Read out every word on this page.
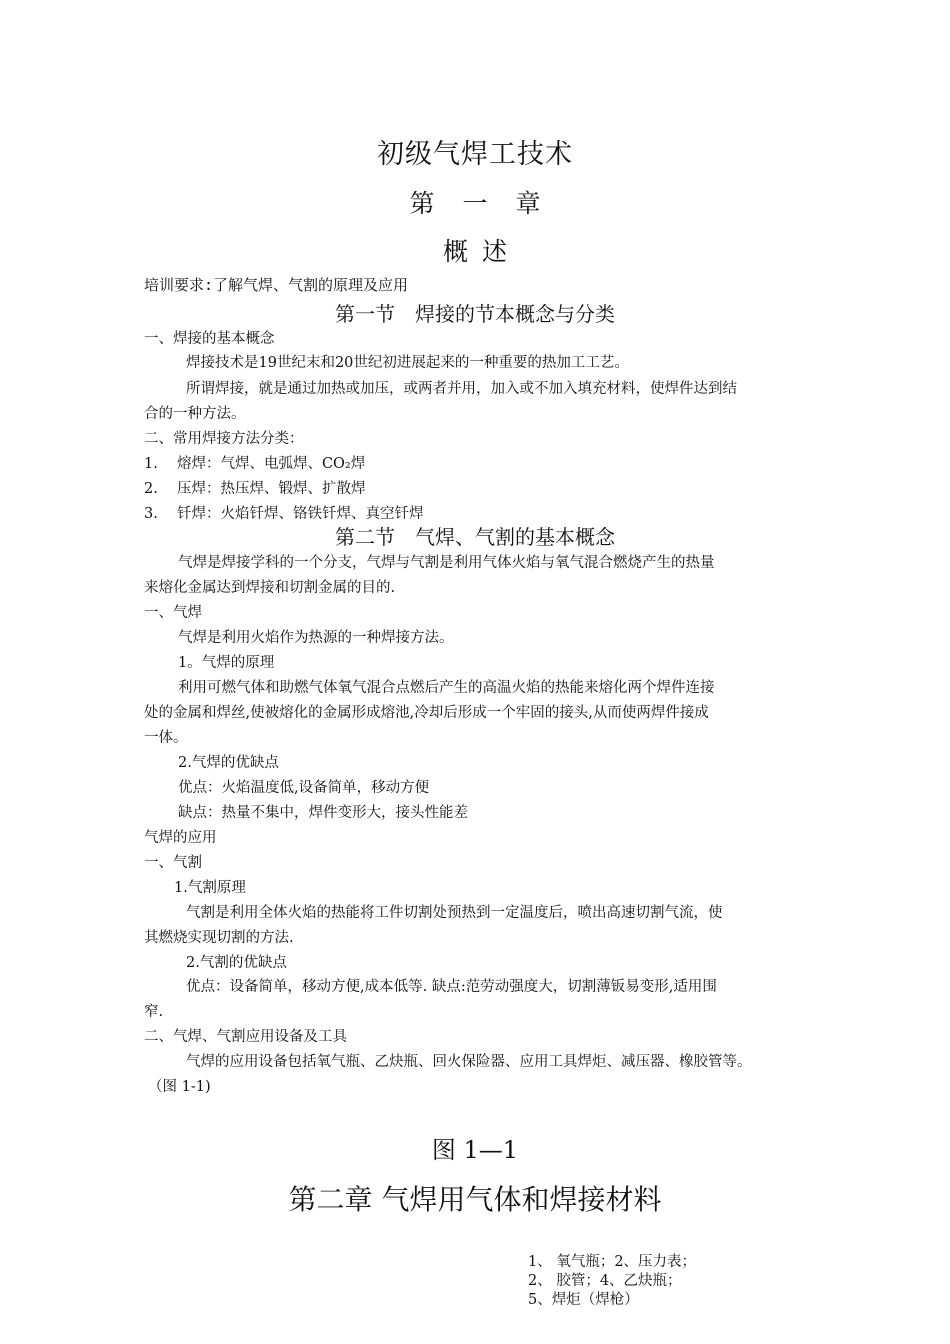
初级气焊工技术
第一章
概述
培训要求:了解气焊、气割的原理及应用
第一节　焊接的节本概念与分类
一、焊接的基本概念
焊接技术是19世纪末和20世纪初进展起来的一种重要的热加工工艺。
所谓焊接，就是通过加热或加压，或两者并用，加入或不加入填充材料，使焊件达到结
合的一种方法。
二、常用焊接方法分类：
1.　 熔焊：气焊、电弧焊、CO₂焊
2.　 压焊：热压焊、锻焊、扩散焊
3.　 钎焊：火焰钎焊、铬铁钎焊、真空钎焊
第二节　气焊、气割的基本概念
气焊是焊接学科的一个分支，气焊与气割是利用气体火焰与氧气混合燃烧产生的热量
来熔化金属达到焊接和切割金属的目的.
一、气焊
气焊是利用火焰作为热源的一种焊接方法。
1。气焊的原理
利用可燃气体和助燃气体氧气混合点燃后产生的高温火焰的热能来熔化两个焊件连接
处的金属和焊丝,使被熔化的金属形成熔池,冷却后形成一个牢固的接头,从而使两焊件接成
一体。
2.气焊的优缺点
优点：火焰温度低,设备简单，移动方便
缺点：热量不集中，焊件变形大，接头性能差
气焊的应用
一、气割
1.气割原理
气割是利用全体火焰的热能将工件切割处预热到一定温度后，喷出高速切割气流，使
其燃烧实现切割的方法.
2.气割的优缺点
优点：设备简单，移动方便,成本低等. 缺点:范劳动强度大，切割薄钣易变形,适用围
窄.
二、气焊、气割应用设备及工具
气焊的应用设备包括氧气瓶、乙炔瓶、回火保险器、应用工具焊炬、减压器、橡胶管等。
（图 1-1)
图 1—1
第二章 气焊用气体和焊接材料
1、 氧气瓶；2、压力表；
2、 胶管；4、乙炔瓶；
5、焊炬（焊枪）
